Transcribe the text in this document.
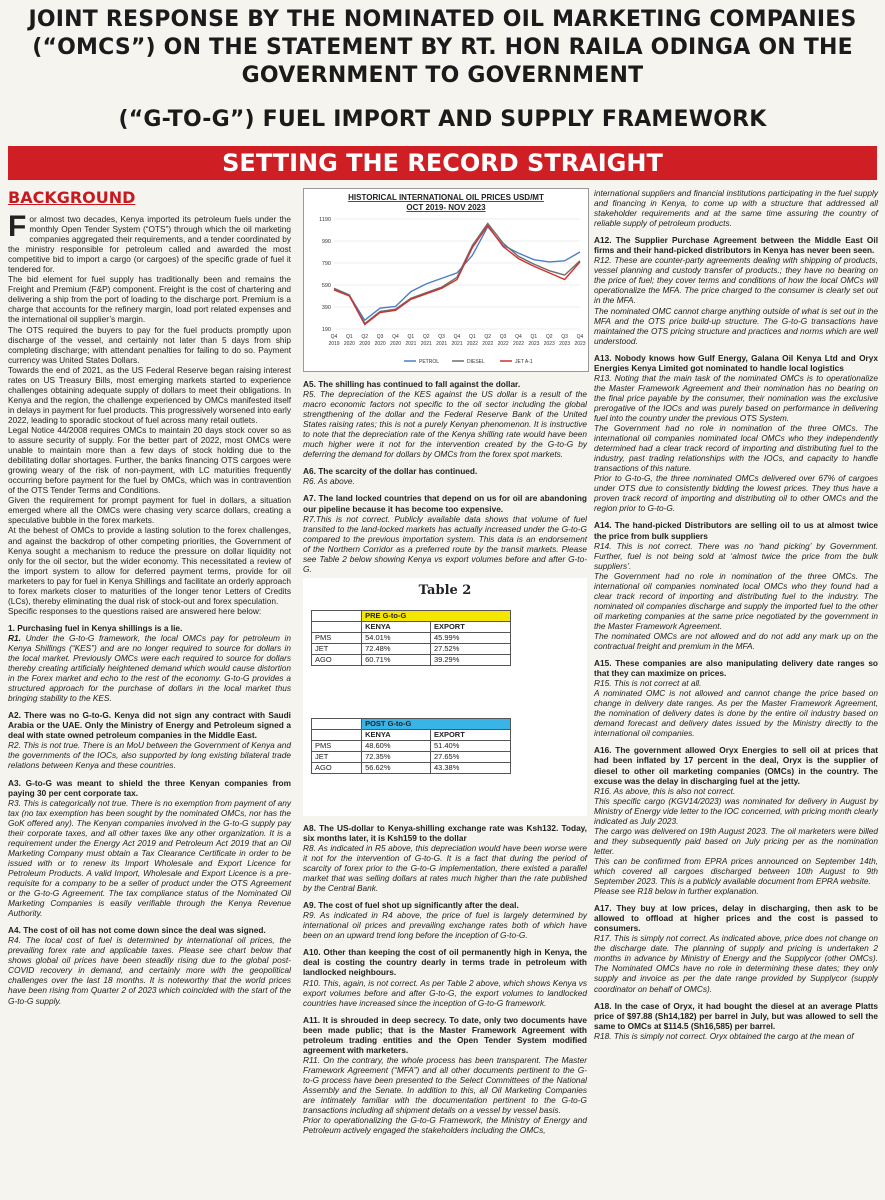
JOINT RESPONSE BY THE NOMINATED OIL MARKETING COMPANIES (“OMCS”) ON THE STATEMENT BY RT. HON RAILA ODINGA ON THE GOVERNMENT TO GOVERNMENT
(“G-TO-G”) FUEL IMPORT AND SUPPLY FRAMEWORK
SETTING THE RECORD STRAIGHT
BACKGROUND

For almost two decades, Kenya imported its petroleum fuels under the monthly Open Tender System (“OTS”) through which the oil marketing companies aggregated their requirements, and a tender coordinated by the ministry responsible for petroleum called and awarded the most competitive bid to import a cargo (or cargoes) of the specific grade of fuel it tendered for.

The bid element for fuel supply has traditionally been and remains the Freight and Premium (F&P) component. Freight is the cost of chartering and delivering a ship from the port of loading to the discharge port. Premium is a charge that accounts for the refinery margin, load port related expenses and the international oil supplier’s margin.

The OTS required the buyers to pay for the fuel products promptly upon discharge of the vessel, and certainly not later than 5 days from ship completing discharge; with attendant penalties for failing to do so. Payment currency was United States Dollars.

Towards the end of 2021, as the US Federal Reserve began raising interest rates on US Treasury Bills, most emerging markets started to experience challenges obtaining adequate supply of dollars to meet their obligations. In Kenya and the region, the challenge experienced by OMCs manifested itself in delays in payment for fuel products. This progressively worsened into early 2022, leading to sporadic stockout of fuel across many retail outlets.

Legal Notice 44/2008 requires OMCs to maintain 20 days stock cover so as to assure security of supply. For the better part of 2022, most OMCs were unable to maintain more than a few days of stock holding due to the debilitating dollar shortages. Further, the banks financing OTS cargoes were growing weary of the risk of non-payment, with LC maturities frequently occurring before payment for the fuel by OMCs, which was in contravention of the OTS Tender Terms and Conditions.

Given the requirement for prompt payment for fuel in dollars, a situation emerged where all the OMCs were chasing very scarce dollars, creating a speculative bubble in the forex markets.

At the behest of OMCs to provide a lasting solution to the forex challenges, and against the backdrop of other competing priorities, the Government of Kenya sought a mechanism to reduce the pressure on dollar liquidity not only for the oil sector, but the wider economy. This necessitated a review of the import system to allow for deferred payment terms, provide for oil marketers to pay for fuel in Kenya Shillings and facilitate an orderly approach to forex markets closer to maturities of the longer tenor Letters of Credits (LCs), thereby eliminating the dual risk of stock-out and forex speculation.

Specific responses to the questions raised are answered here below:

1. Purchasing fuel in Kenya shillings is a lie.

R1. Under the G-to-G framework, the local OMCs pay for petroleum in Kenya Shillings (“KES”) and are no longer required to source for dollars in the local market. Previously OMCs were each required to source for dollars thereby creating artificially heightened demand which would cause distortion in the Forex market and echo to the rest of the economy. G-to-G provides a structured approach for the purchase of dollars in the local market thus bringing stability to the KES.

A2. There was no G-to-G. Kenya did not sign any contract with Saudi Arabia or the UAE. Only the Ministry of Energy and Petroleum signed a deal with state owned petroleum companies in the Middle East.

R2. This is not true. There is an MoU between the Government of Kenya and the governments of the IOCs, also supported by long existing bilateral trade relations between Kenya and these countries.

A3. G-to-G was meant to shield the three Kenyan companies from paying 30 per cent corporate tax.

R3. This is categorically not true. There is no exemption from payment of any tax (no tax exemption has been sought by the nominated OMCs, nor has the GoK offered any). The Kenyan companies involved in the G-to-G supply pay their corporate taxes, and all other taxes like any other organization. It is a requirement under the Energy Act 2019 and Petroleum Act 2019 that an Oil Marketing Company must obtain a Tax Clearance Certificate in order to be issued with or to renew its Import Wholesale and Export Licence for Petroleum Products. A valid Import, Wholesale and Export Licence is a pre-requisite for a company to be a seller of product under the OTS Agreement or the G-to-G Agreement. The tax compliance status of the Nominated Oil Marketing Companies is easily verifiable through the Kenya Revenue Authority.

A4. The cost of oil has not come down since the deal was signed.

R4. The local cost of fuel is determined by international oil prices, the prevailing forex rate and applicable taxes. Please see chart below that shows global oil prices have been steadily rising due to the global post-COVID recovery in demand, and certainly more with the geopolitical challenges over the last 18 months. It is noteworthy that the world prices have been rising from Quarter 2 of 2023 which coincided with the start of the G-to-G supply.

HISTORICAL INTERNATIONAL OIL PRICES USD/MT
OCT 2019- NOV 2023
190
390
590
790
990
1190
Q4
2019
Q1
2020
Q2
2020
Q3
2020
Q4
2020
Q1
2021
Q2
2021
Q3
2021
Q4
2021
Q1
2022
Q2
2022
Q3
2022
Q4
2022
Q1
2023
Q2
2023
Q3
2023
Q4
2023
PETROL	DIESEL	JET A-1

A5. The shilling has continued to fall against the dollar.

R5. The depreciation of the KES against the US dollar is a result of the macro economic factors not specific to the oil sector including the global strengthening of the dollar and the Federal Reserve Bank of the United States raising rates; this is not a purely Kenyan phenomenon. It is instructive to note that the depreciation rate of the Kenya shilling rate would have been much higher were it not for the intervention created by the G-to-G by deferring the demand for dollars by OMCs from the forex spot markets.

A6. The scarcity of the dollar has continued.

R6. As above.

A7. The land locked countries that depend on us for oil are abandoning our pipeline because it has become too expensive.

R7.This is not correct. Publicly available data shows that volume of fuel transited to the land-locked markets has actually increased under the G-to-G compared to the previous importation system. This data is an endorsement of the Northern Corridor as a preferred route by the transit markets. Please see Table 2 below showing Kenya vs export volumes before and after G-to-G.

Table 2
	PRE G-to-G	
	KENYA	EXPORT
PMS	54.01%	45.99%
JET	72.48%	27.52%
AGO	60.71%	39.29%
	POST G-to-G	
	KENYA	EXPORT
PMS	48.60%	51.40%
JET	72.35%	27.65%
AGO	56.62%	43.38%

A8. The US-dollar to Kenya-shilling exchange rate was Ksh132. Today, six months later, it is Ksh159 to the dollar

R8. As indicated in R5 above, this depreciation would have been worse were it not for the intervention of G-to-G. It is a fact that during the period of scarcity of forex prior to the G-to-G implementation, there existed a parallel market that was selling dollars at rates much higher than the rate published by the Central Bank.

A9. The cost of fuel shot up significantly after the deal.

R9. As indicated in R4 above, the price of fuel is largely determined by international oil prices and prevailing exchange rates both of which have been on an upward trend long before the inception of G-to-G.

A10. Other than keeping the cost of oil permanently high in Kenya, the deal is costing the country dearly in terms trade in petroleum with landlocked neighbours.

R10. This, again, is not correct. As per Table 2 above, which shows Kenya vs export volumes before and after G-to-G, the export volumes to landlocked countries have increased since the inception of G-to-G framework.

A11. It is shrouded in deep secrecy. To date, only two documents have been made public; that is the Master Framework Agreement with petroleum trading entities and the Open Tender System modified agreement with marketers.

R11. On the contrary, the whole process has been transparent. The Master Framework Agreement (“MFA”) and all other documents pertinent to the G-to-G process have been presented to the Select Committees of the National Assembly and the Senate. In addition to this, all Oil Marketing Companies are intimately familiar with the documentation pertinent to the G-to-G transactions including all shipment details on a vessel by vessel basis.

Prior to operationalizing the G-to-G Framework, the Ministry of Energy and Petroleum actively engaged the stakeholders including the OMCs,

international suppliers and financial institutions participating in the fuel supply and financing in Kenya, to come up with a structure that addressed all stakeholder requirements and at the same time assuring the country of reliable supply of petroleum products.

A12. The Supplier Purchase Agreement between the Middle East Oil firms and their hand-picked distributors in Kenya has never been seen.

R12. These are counter-party agreements dealing with shipping of products, vessel planning and custody transfer of products.; they have no bearing on the price of fuel; they cover terms and conditions of how the local OMCs will operationalize the MFA. The price charged to the consumer is clearly set out in the MFA.

The nominated OMC cannot charge anything outside of what is set out in the MFA and the OTS price build-up structure. The G-to-G transactions have maintained the OTS pricing structure and practices and norms which are well understood.

A13. Nobody knows how Gulf Energy, Galana Oil Kenya Ltd and Oryx Energies Kenya Limited got nominated to handle local logistics

R13. Noting that the main task of the nominated OMCs is to operationalize the Master Framework Agreement and their nomination has no bearing on the final price payable by the consumer, their nomination was the exclusive prerogative of the IOCs and was purely based on performance in delivering fuel into the country under the previous OTS System.

The Government had no role in nomination of the three OMCs. The international oil companies nominated local OMCs who they independently determined had a clear track record of importing and distributing fuel to the industry, past trading relationships with the IOCs, and capacity to handle transactions of this nature.

Prior to G-to-G, the three nominated OMCs delivered over 67% of cargoes under OTS due to consistently bidding the lowest prices. They thus have a proven track record of importing and distributing oil to other OMCs and the region prior to G-to-G.

A14. The hand-picked Distributors are selling oil to us at almost twice the price from bulk suppliers

R14. This is not correct. There was no ‘hand picking’ by Government. Further, fuel is not being sold at ‘almost twice the price from the bulk suppliers’.

The Government had no role in nomination of the three OMCs. The international oil companies nominated local OMCs who they found had a clear track record of importing and distributing fuel to the industry. The nominated oil companies discharge and supply the imported fuel to the other oil marketing companies at the same price negotiated by the government in the Master Framework Agreement.

The nominated OMCs are not allowed and do not add any mark up on the contractual freight and premium in the MFA.

A15. These companies are also manipulating delivery date ranges so that they can maximize on prices.

R15. This is not correct at all.

A nominated OMC is not allowed and cannot change the price based on change in delivery date ranges. As per the Master Framework Agreement, the nomination of delivery dates is done by the entire oil industry based on demand forecast and delivery dates issued by the Ministry directly to the international oil companies.

A16. The government allowed Oryx Energies to sell oil at prices that had been inflated by 17 percent in the deal, Oryx is the supplier of diesel to other oil marketing companies (OMCs) in the country. The excuse was the delay in discharging fuel at the jetty.

R16. As above, this is also not correct.

This specific cargo (KGV14/2023) was nominated for delivery in August by Ministry of Energy vide letter to the IOC concerned, with pricing month clearly indicated as July 2023.

The cargo was delivered on 19th August 2023. The oil marketers were billed and they subsequently paid based on July pricing per as the nomination letter.

This can be confirmed from EPRA prices announced on September 14th, which covered all cargoes discharged between 10th August to 9th September 2023. This is a publicly available document from EPRA website.

Please see R18 below in further explanation.

A17. They buy at low prices, delay in discharging, then ask to be allowed to offload at higher prices and the cost is passed to consumers.

R17. This is simply not correct. As indicated above, price does not change on the discharge date. The planning of supply and pricing is undertaken 2 months in advance by Ministry of Energy and the Supplycor (other OMCs). The Nominated OMCs have no role in determining these dates; they only supply and invoice as per the date range provided by Supplycor (supply coordinator on behalf of OMCs).

A18. In the case of Oryx, it had bought the diesel at an average Platts price of $97.88 (Sh14,182) per barrel in July, but was allowed to sell the same to OMCs at $114.5 (Sh16,585) per barrel.

R18. This is simply not correct. Oryx obtained the cargo at the mean of
